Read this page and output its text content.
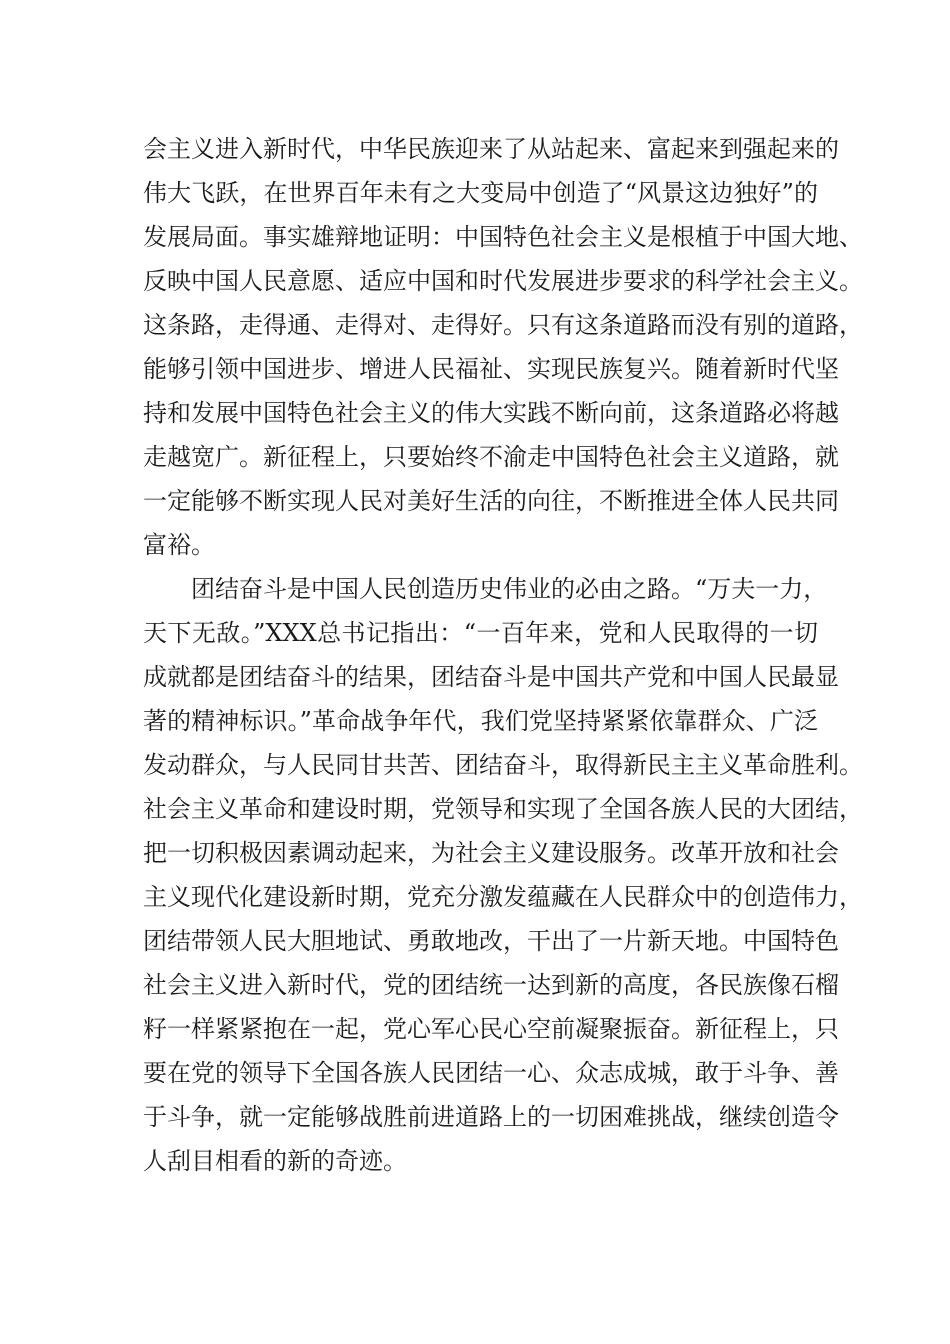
会主义进入新时代，中华民族迎来了从站起来、富起来到强起来的
伟大飞跃，在世界百年未有之大变局中创造了“风景这边独好”的
发展局面。事实雄辩地证明：中国特色社会主义是根植于中国大地、
反映中国人民意愿、适应中国和时代发展进步要求的科学社会主义。
这条路，走得通、走得对、走得好。只有这条道路而没有别的道路，
能够引领中国进步、增进人民福祉、实现民族复兴。随着新时代坚
持和发展中国特色社会主义的伟大实践不断向前，这条道路必将越
走越宽广。新征程上，只要始终不渝走中国特色社会主义道路，就
一定能够不断实现人民对美好生活的向往，不断推进全体人民共同
富裕。
团结奋斗是中国人民创造历史伟业的必由之路。“万夫一力，
天下无敌。”XXX总书记指出：“一百年来，党和人民取得的一切
成就都是团结奋斗的结果，团结奋斗是中国共产党和中国人民最显
著的精神标识。”革命战争年代，我们党坚持紧紧依靠群众、广泛
发动群众，与人民同甘共苦、团结奋斗，取得新民主主义革命胜利。
社会主义革命和建设时期，党领导和实现了全国各族人民的大团结，
把一切积极因素调动起来，为社会主义建设服务。改革开放和社会
主义现代化建设新时期，党充分激发蕴藏在人民群众中的创造伟力，
团结带领人民大胆地试、勇敢地改，干出了一片新天地。中国特色
社会主义进入新时代，党的团结统一达到新的高度，各民族像石榴
籽一样紧紧抱在一起，党心军心民心空前凝聚振奋。新征程上，只
要在党的领导下全国各族人民团结一心、众志成城，敢于斗争、善
于斗争，就一定能够战胜前进道路上的一切困难挑战，继续创造令
人刮目相看的新的奇迹。
